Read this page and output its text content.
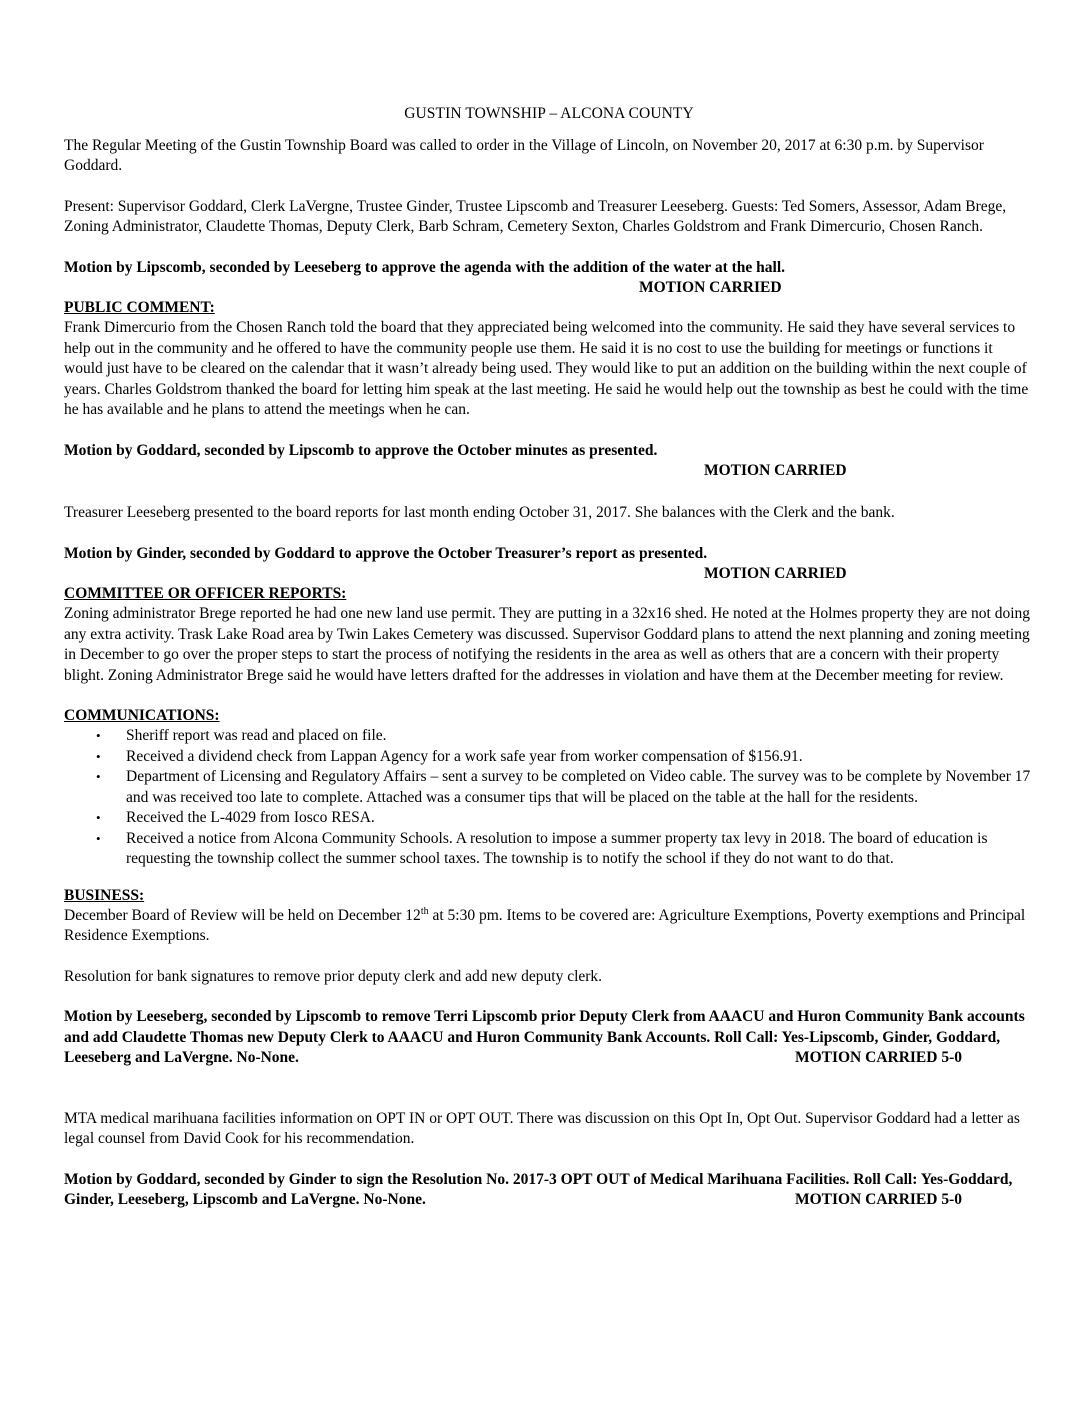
GUSTIN TOWNSHIP – ALCONA COUNTY

The Regular Meeting of the Gustin Township Board was called to order in the Village of Lincoln, on November 20, 2017 at 6:30 p.m. by Supervisor Goddard.

Present: Supervisor Goddard, Clerk LaVergne, Trustee Ginder, Trustee Lipscomb and Treasurer Leeseberg. Guests: Ted Somers, Assessor, Adam Brege, Zoning Administrator, Claudette Thomas, Deputy Clerk, Barb Schram, Cemetery Sexton, Charles Goldstrom and Frank Dimercurio, Chosen Ranch.

Motion by Lipscomb, seconded by Leeseberg to approve the agenda with the addition of the water at the hall.

MOTION CARRIED

PUBLIC COMMENT:

Frank Dimercurio from the Chosen Ranch told the board that they appreciated being welcomed into the community. He said they have several services to help out in the community and he offered to have the community people use them. He said it is no cost to use the building for meetings or functions it would just have to be cleared on the calendar that it wasn’t already being used. They would like to put an addition on the building within the next couple of years. Charles Goldstrom thanked the board for letting him speak at the last meeting. He said he would help out the township as best he could with the time he has available and he plans to attend the meetings when he can.

Motion by Goddard, seconded by Lipscomb to approve the October minutes as presented.

MOTION CARRIED

Treasurer Leeseberg presented to the board reports for last month ending October 31, 2017. She balances with the Clerk and the bank.

Motion by Ginder, seconded by Goddard to approve the October Treasurer’s report as presented.

MOTION CARRIED

COMMITTEE OR OFFICER REPORTS:

Zoning administrator Brege reported he had one new land use permit. They are putting in a 32x16 shed. He noted at the Holmes property they are not doing any extra activity. Trask Lake Road area by Twin Lakes Cemetery was discussed. Supervisor Goddard plans to attend the next planning and zoning meeting in December to go over the proper steps to start the process of notifying the residents in the area as well as others that are a concern with their property blight. Zoning Administrator Brege said he would have letters drafted for the addresses in violation and have them at the December meeting for review.

COMMUNICATIONS:

• Sheriff report was read and placed on file.
• Received a dividend check from Lappan Agency for a work safe year from worker compensation of $156.91.
• Department of Licensing and Regulatory Affairs – sent a survey to be completed on Video cable. The survey was to be complete by November 17 and was received too late to complete. Attached was a consumer tips that will be placed on the table at the hall for the residents.
• Received the L-4029 from Iosco RESA.
• Received a notice from Alcona Community Schools. A resolution to impose a summer property tax levy in 2018. The board of education is requesting the township collect the summer school taxes. The township is to notify the school if they do not want to do that.

BUSINESS:

December Board of Review will be held on December 12th at 5:30 pm. Items to be covered are: Agriculture Exemptions, Poverty exemptions and Principal Residence Exemptions.

Resolution for bank signatures to remove prior deputy clerk and add new deputy clerk.

Motion by Leeseberg, seconded by Lipscomb to remove Terri Lipscomb prior Deputy Clerk from AAACU and Huron Community Bank accounts and add Claudette Thomas new Deputy Clerk to AAACU and Huron Community Bank Accounts. Roll Call: Yes-Lipscomb, Ginder, Goddard, Leeseberg and LaVergne. No-None.	MOTION CARRIED 5-0

MTA medical marihuana facilities information on OPT IN or OPT OUT. There was discussion on this Opt In, Opt Out. Supervisor Goddard had a letter as legal counsel from David Cook for his recommendation.

Motion by Goddard, seconded by Ginder to sign the Resolution No. 2017-3 OPT OUT of Medical Marihuana Facilities. Roll Call: Yes-Goddard, Ginder, Leeseberg, Lipscomb and LaVergne. No-None.	MOTION CARRIED 5-0
